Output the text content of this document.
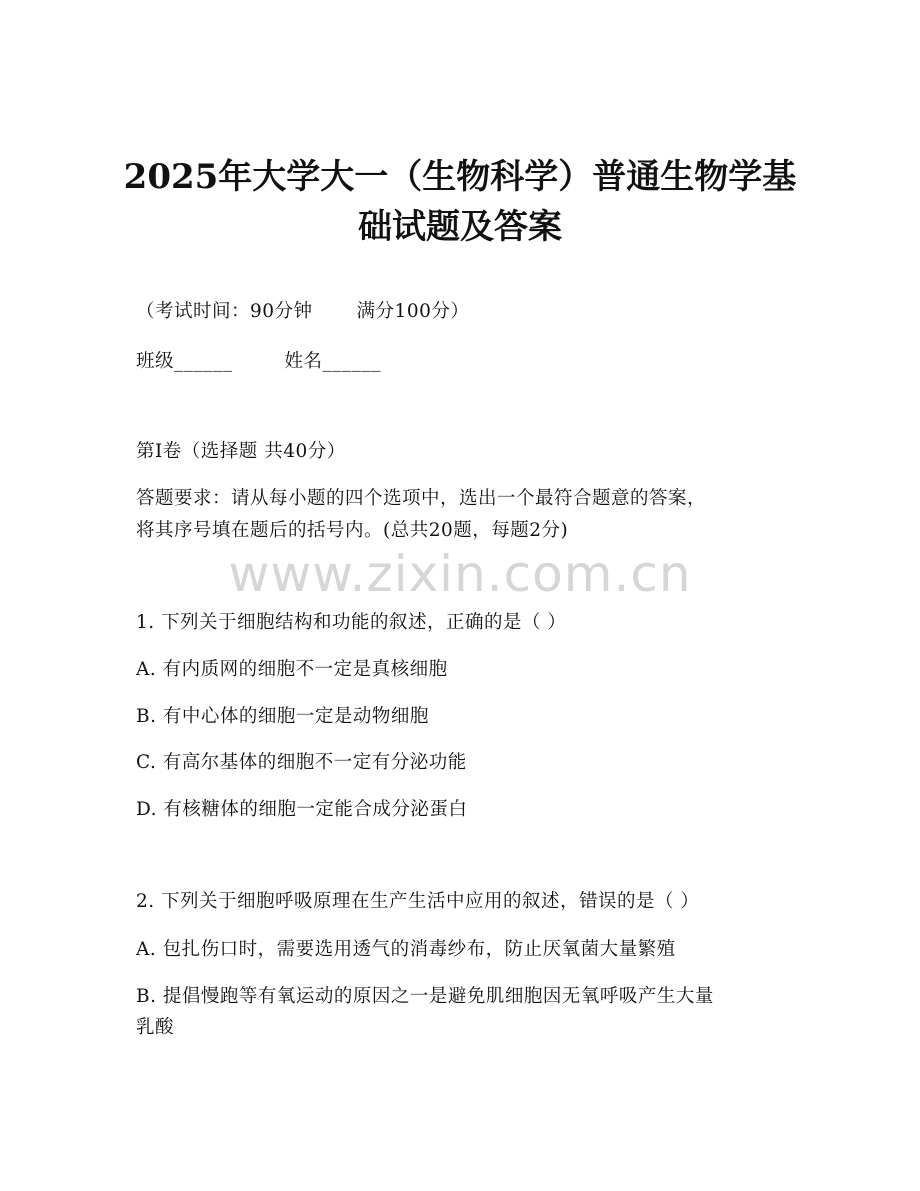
2025年大学大一（生物科学）普通生物学基
础试题及答案
（考试时间：90分钟 满分100分）
班级______	姓名______
第I卷（选择题 共40分）
答题要求：请从每小题的四个选项中，选出一个最符合题意的答案，
将其序号填在题后的括号内。(总共20题，每题2分)
www.zixin.com.cn
1. 下列关于细胞结构和功能的叙述，正确的是（ ）
A. 有内质网的细胞不一定是真核细胞
B. 有中心体的细胞一定是动物细胞
C. 有高尔基体的细胞不一定有分泌功能
D. 有核糖体的细胞一定能合成分泌蛋白
2. 下列关于细胞呼吸原理在生产生活中应用的叙述，错误的是（ ）
A. 包扎伤口时，需要选用透气的消毒纱布，防止厌氧菌大量繁殖
B. 提倡慢跑等有氧运动的原因之一是避免肌细胞因无氧呼吸产生大量
乳酸
